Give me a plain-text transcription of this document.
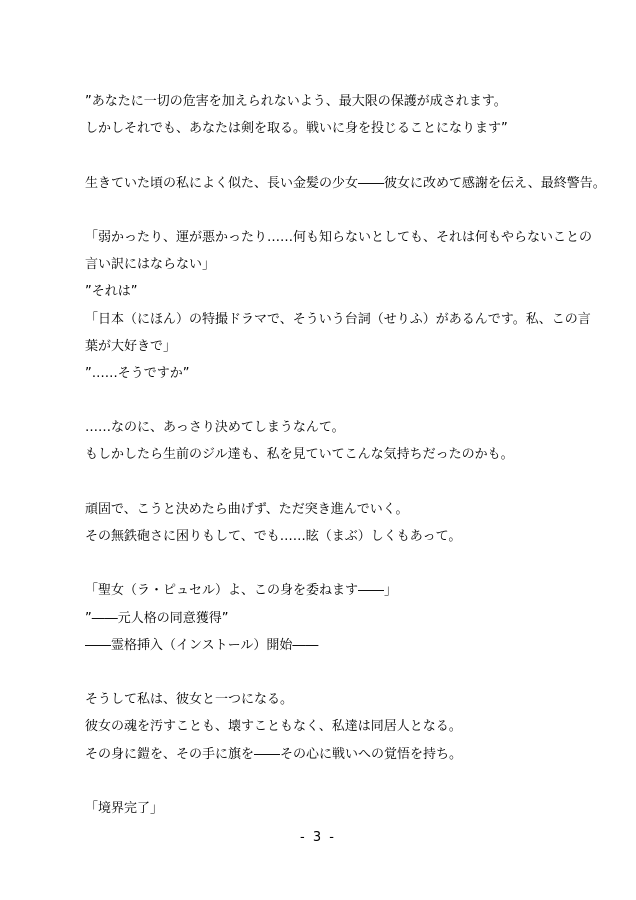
”あなたに一切の危害を加えられないよう、最大限の保護が成されます。
しかしそれでも、あなたは剣を取る。戦いに身を投じることになります”
生きていた頃の私によく似た、長い金髪の少女――彼女に改めて感謝を伝え、最終警告。
「弱かったり、運が悪かったり……何も知らないとしても、それは何もやらないことの
言い訳にはならない」
”それは”
「日本（にほん）の特撮ドラマで、そういう台詞（せりふ）があるんです。私、この言
葉が大好きで」
”……そうですか”
……なのに、あっさり決めてしまうなんて。
もしかしたら生前のジル達も、私を見ていてこんな気持ちだったのかも。
頑固で、こうと決めたら曲げず、ただ突き進んでいく。
その無鉄砲さに困りもして、でも……眩（まぶ）しくもあって。
「聖女（ラ・ピュセル）よ、この身を委ねます――」
”――元人格の同意獲得”
――霊格挿入（インストール）開始――
そうして私は、彼女と一つになる。
彼女の魂を汚すことも、壊すこともなく、私達は同居人となる。
その身に鎧を、その手に旗を――その心に戦いへの覚悟を持ち。
「境界完了」
- 3 -
